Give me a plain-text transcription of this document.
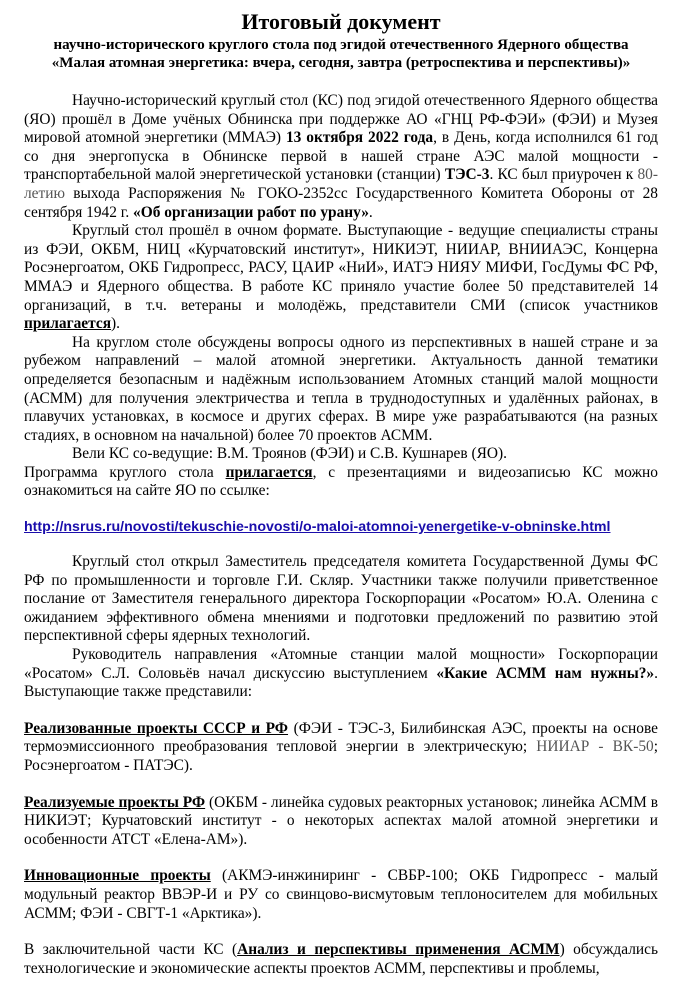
Итоговый документ
научно-исторического круглого стола под эгидой отечественного Ядерного общества
«Малая атомная энергетика: вчера, сегодня, завтра (ретроспектива и перспективы)»

Научно-исторический круглый стол (КС) под эгидой отечественного Ядерного общества (ЯО) прошёл в Доме учёных Обнинска при поддержке АО «ГНЦ РФ-ФЭИ» (ФЭИ) и Музея мировой атомной энергетики (ММАЭ) 13 октября 2022 года, в День, когда исполнился 61 год со дня энергопуска в Обнинске первой в нашей стране АЭС малой мощности - транспортабельной малой энергетической установки (станции) ТЭС-3. КС был приурочен к 80-летию выхода Распоряжения № ГОКО-2352сс Государственного Комитета Обороны от 28 сентября 1942 г. «Об организации работ по урану».

Круглый стол прошёл в очном формате. Выступающие - ведущие специалисты страны из ФЭИ, ОКБМ, НИЦ «Курчатовский институт», НИКИЭТ, НИИАР, ВНИИАЭС, Концерна Росэнергоатом, ОКБ Гидропресс, РАСУ, ЦАИР «НиИ», ИАТЭ НИЯУ МИФИ, ГосДумы ФС РФ, ММАЭ и Ядерного общества. В работе КС приняло участие более 50 представителей 14 организаций, в т.ч. ветераны и молодёжь, представители СМИ (список участников прилагается).

На круглом столе обсуждены вопросы одного из перспективных в нашей стране и за рубежом направлений – малой атомной энергетики. Актуальность данной тематики определяется безопасным и надёжным использованием Атомных станций малой мощности (АСММ) для получения электричества и тепла в труднодоступных и удалённых районах, в плавучих установках, в космосе и других сферах. В мире уже разрабатываются (на разных стадиях, в основном на начальной) более 70 проектов АСММ.

Вели КС со-ведущие: В.М. Троянов (ФЭИ) и С.В. Кушнарев (ЯО).

Программа круглого стола прилагается, с презентациями и видеозаписью КС можно ознакомиться на сайте ЯО по ссылке:

http://nsrus.ru/novosti/tekuschie-novosti/o-maloi-atomnoi-yenergetike-v-obninske.html

Круглый стол открыл Заместитель председателя комитета Государственной Думы ФС РФ по промышленности и торговле Г.И. Скляр. Участники также получили приветственное послание от Заместителя генерального директора Госкорпорации «Росатом» Ю.А. Оленина с ожиданием эффективного обмена мнениями и подготовки предложений по развитию этой перспективной сферы ядерных технологий.

Руководитель направления «Атомные станции малой мощности» Госкорпорации «Росатом» С.Л. Соловьёв начал дискуссию выступлением «Какие АСММ нам нужны?». Выступающие также представили:

Реализованные проекты СССР и РФ (ФЭИ - ТЭС-3, Билибинская АЭС, проекты на основе термоэмиссионного преобразования тепловой энергии в электрическую; НИИАР - ВК-50; Росэнергоатом - ПАТЭС).

Реализуемые проекты РФ (ОКБМ - линейка судовых реакторных установок; линейка АСММ в НИКИЭТ; Курчатовский институт - о некоторых аспектах малой атомной энергетики и особенности АТСТ «Елена-АМ»).

Инновационные проекты (АКМЭ-инжиниринг - СВБР-100; ОКБ Гидропресс - малый модульный реактор ВВЭР-И и РУ со свинцово-висмутовым теплоносителем для мобильных АСММ; ФЭИ - СВГТ-1 «Арктика»).

В заключительной части КС (Анализ и перспективы применения АСММ) обсуждались технологические и экономические аспекты проектов АСММ, перспективы и проблемы,
